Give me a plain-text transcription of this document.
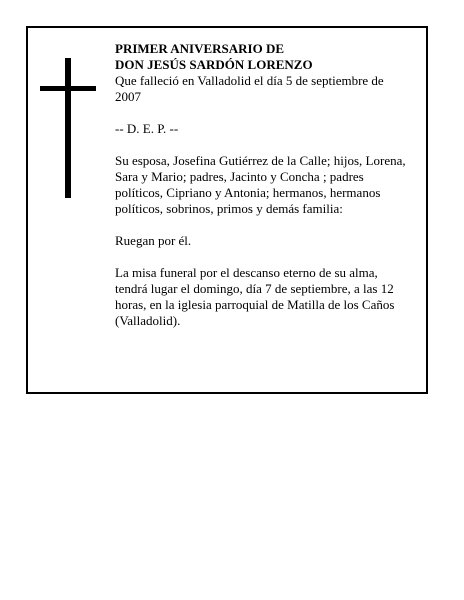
PRIMER ANIVERSARIO DE

DON JESÚS SARDÓN LORENZO

Que falleció en Valladolid el día 5 de septiembre de 2007

-- D. E. P. --

Su esposa, Josefina Gutiérrez de la Calle; hijos, Lorena, Sara y Mario; padres, Jacinto y Concha ; padres políticos, Cipriano y Antonia; hermanos, hermanos políticos, sobrinos, primos y demás familia:

Ruegan por él.

La misa funeral por el descanso eterno de su alma, tendrá lugar el domingo, día 7 de septiembre, a las 12 horas, en la iglesia parroquial de Matilla de los Caños (Valladolid).
